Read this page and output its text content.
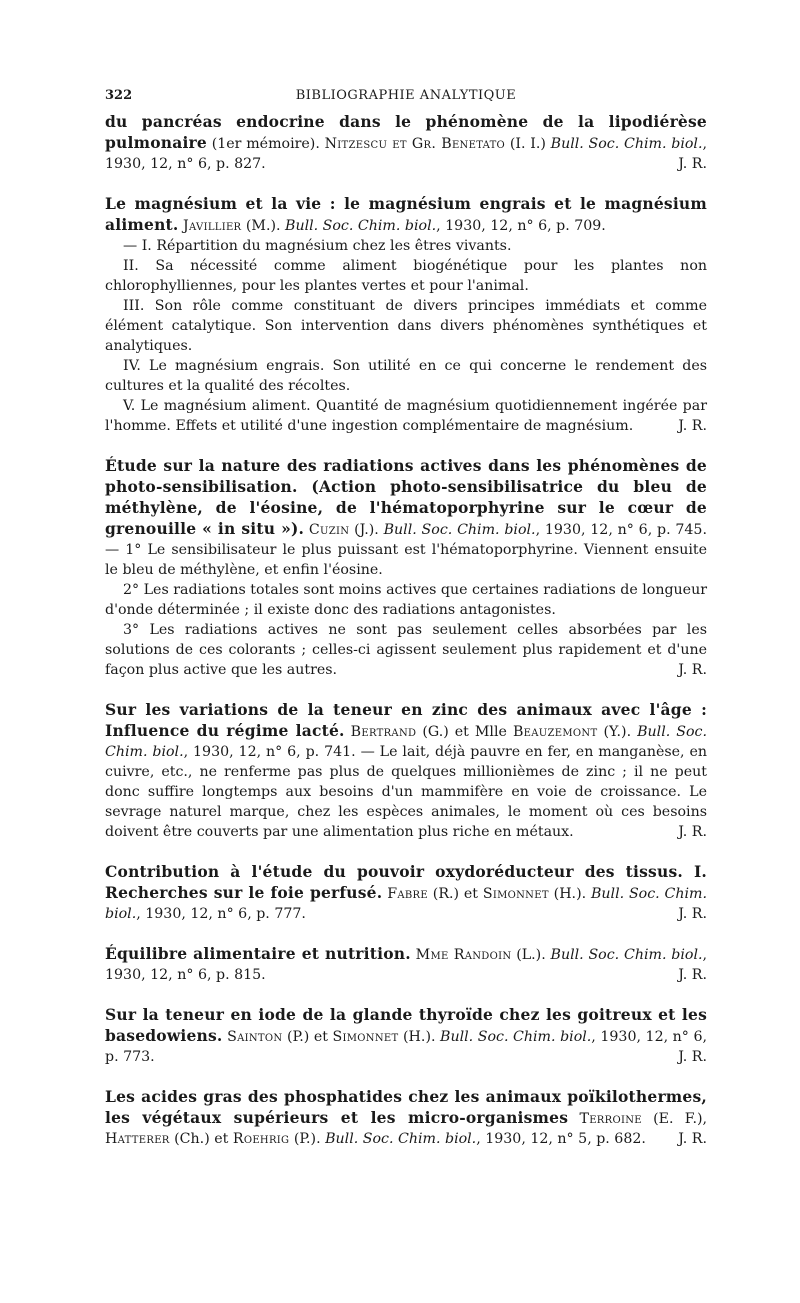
322	BIBLIOGRAPHIE ANALYTIQUE

du pancréas endocrine dans le phénomène de la lipodiérèse pulmonaire (1er mémoire). Nitzescu et Gr. Benetato (I. I.) Bull. Soc. Chim. biol., 1930, 12, n° 6, p. 827.	J. R.

Le magnésium et la vie : le magnésium engrais et le magnésium aliment. Javillier (M.). Bull. Soc. Chim. biol., 1930, 12, n° 6, p. 709.

— I. Répartition du magnésium chez les êtres vivants.

II. Sa nécessité comme aliment biogénétique pour les plantes non chlorophylliennes, pour les plantes vertes et pour l'animal.

III. Son rôle comme constituant de divers principes immédiats et comme élément catalytique. Son intervention dans divers phénomènes synthétiques et analytiques.

IV. Le magnésium engrais. Son utilité en ce qui concerne le rendement des cultures et la qualité des récoltes.

V. Le magnésium aliment. Quantité de magnésium quotidiennement ingérée par l'homme. Effets et utilité d'une ingestion complémentaire de magnésium.	J. R.

Étude sur la nature des radiations actives dans les phénomènes de photo-sensibilisation. (Action photo-sensibilisatrice du bleu de méthylène, de l'éosine, de l'hématoporphyrine sur le cœur de grenouille « in situ »). Cuzin (J.). Bull. Soc. Chim. biol., 1930, 12, n° 6, p. 745. — 1° Le sensibilisateur le plus puissant est l'hématoporphyrine. Viennent ensuite le bleu de méthylène, et enfin l'éosine.

2° Les radiations totales sont moins actives que certaines radiations de longueur d'onde déterminée ; il existe donc des radiations antagonistes.

3° Les radiations actives ne sont pas seulement celles absorbées par les solutions de ces colorants ; celles-ci agissent seulement plus rapidement et d'une façon plus active que les autres.	J. R.

Sur les variations de la teneur en zinc des animaux avec l'âge : Influence du régime lacté. Bertrand (G.) et Mlle Beauzemont (Y.). Bull. Soc. Chim. biol., 1930, 12, n° 6, p. 741. — Le lait, déjà pauvre en fer, en manganèse, en cuivre, etc., ne renferme pas plus de quelques millionièmes de zinc ; il ne peut donc suffire longtemps aux besoins d'un mammifère en voie de croissance. Le sevrage naturel marque, chez les espèces animales, le moment où ces besoins doivent être couverts par une alimentation plus riche en métaux.	J. R.

Contribution à l'étude du pouvoir oxydoréducteur des tissus. I. Recherches sur le foie perfusé. Fabre (R.) et Simonnet (H.). Bull. Soc. Chim. biol., 1930, 12, n° 6, p. 777.	J. R.

Équilibre alimentaire et nutrition. Mme Randoin (L.). Bull. Soc. Chim. biol., 1930, 12, n° 6, p. 815.	J. R.

Sur la teneur en iode de la glande thyroïde chez les goitreux et les basedowiens. Sainton (P.) et Simonnet (H.). Bull. Soc. Chim. biol., 1930, 12, n° 6, p. 773.	J. R.

Les acides gras des phosphatides chez les animaux poïkilothermes, les végétaux supérieurs et les micro-organismes Terroine (E. F.), Hatterer (Ch.) et Roehrig (P.). Bull. Soc. Chim. biol., 1930, 12, n° 5, p. 682. J. R.
